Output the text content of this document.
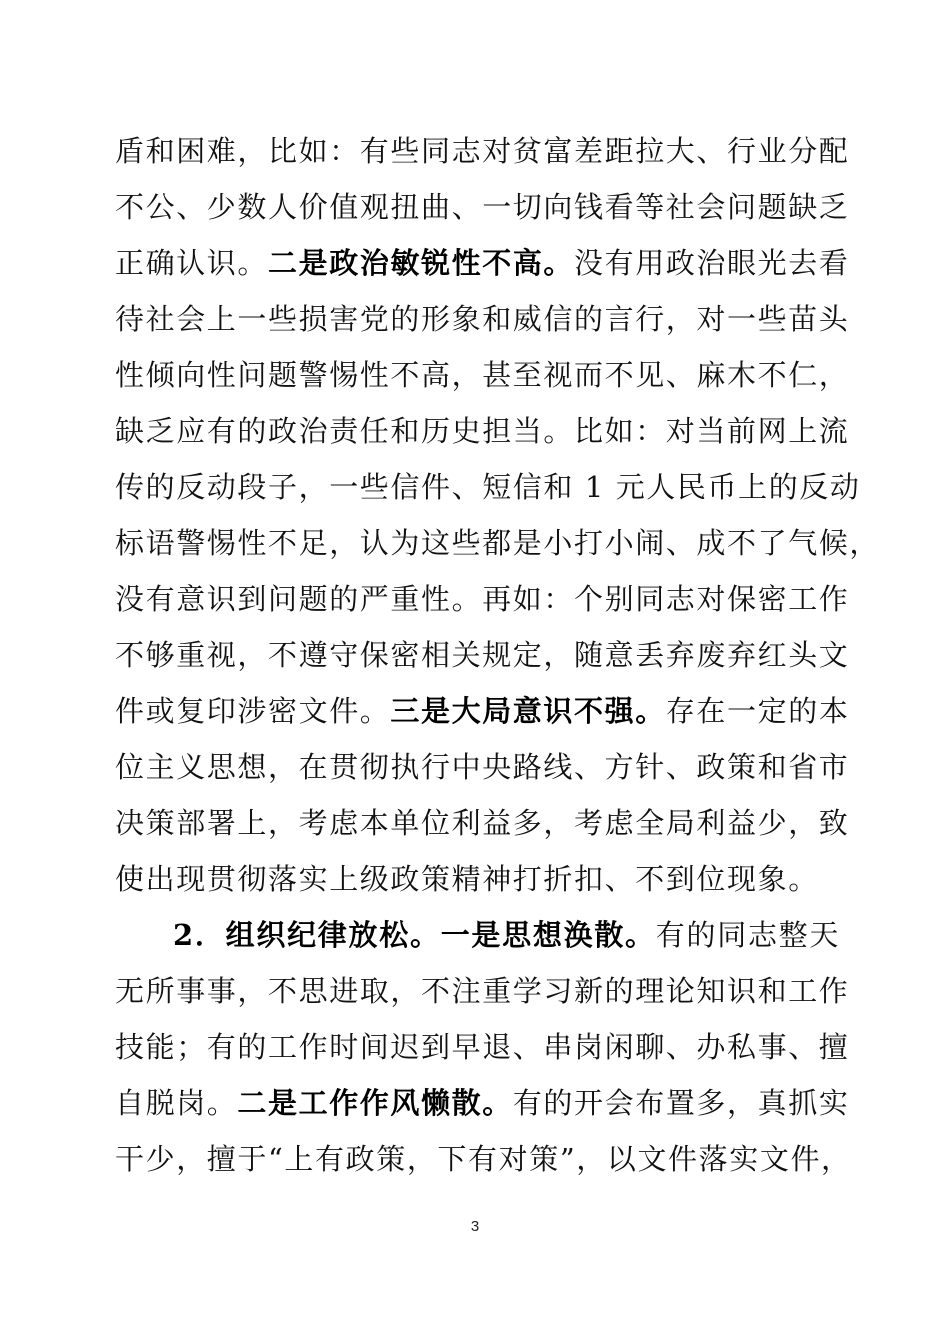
盾和困难，比如：有些同志对贫富差距拉大、行业分配
不公、少数人价值观扭曲、一切向钱看等社会问题缺乏
正确认识。二是政治敏锐性不高。没有用政治眼光去看
待社会上一些损害党的形象和威信的言行，对一些苗头
性倾向性问题警惕性不高，甚至视而不见、麻木不仁，
缺乏应有的政治责任和历史担当。比如：对当前网上流
传的反动段子，一些信件、短信和 1 元人民币上的反动
标语警惕性不足，认为这些都是小打小闹、成不了气候，
没有意识到问题的严重性。再如：个别同志对保密工作
不够重视，不遵守保密相关规定，随意丢弃废弃红头文
件或复印涉密文件。三是大局意识不强。存在一定的本
位主义思想，在贯彻执行中央路线、方针、政策和省市
决策部署上，考虑本单位利益多，考虑全局利益少，致
使出现贯彻落实上级政策精神打折扣、不到位现象。
2．组织纪律放松。一是思想涣散。有的同志整天
无所事事，不思进取，不注重学习新的理论知识和工作
技能；有的工作时间迟到早退、串岗闲聊、办私事、擅
自脱岗。二是工作作风懒散。有的开会布置多，真抓实
干少，擅于“上有政策，下有对策”，以文件落实文件，
3
